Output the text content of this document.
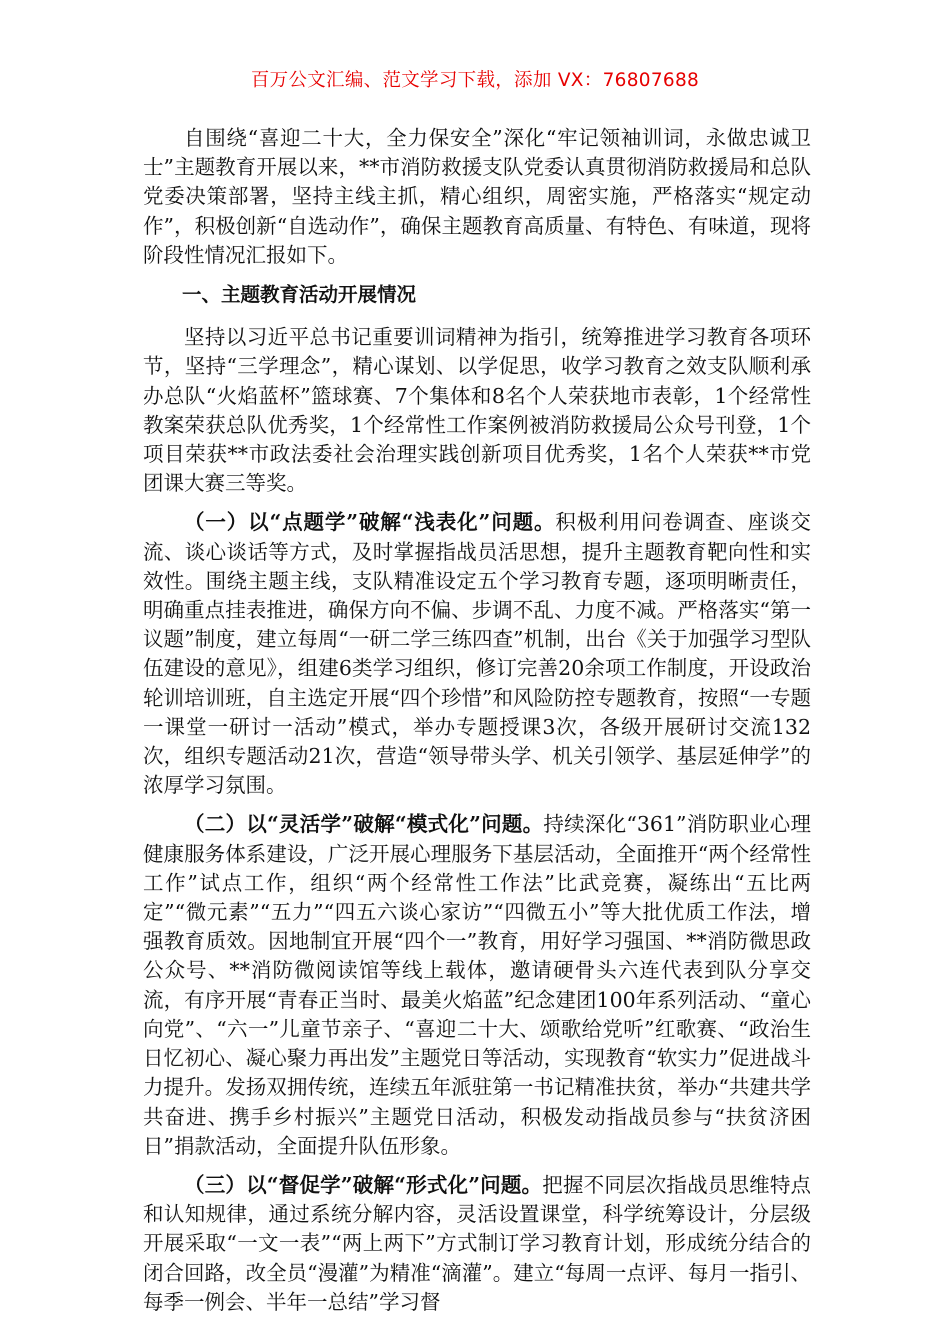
百万公文汇编、范文学习下载，添加 VX：76807688

自围绕“喜迎二十大，全力保安全”深化“牢记领袖训词，永做忠诚卫士”主题教育开展以来，**市消防救援支队党委认真贯彻消防救援局和总队党委决策部署，坚持主线主抓，精心组织，周密实施，严格落实“规定动作”，积极创新“自选动作”，确保主题教育高质量、有特色、有味道，现将阶段性情况汇报如下。

一、主题教育活动开展情况

坚持以习近平总书记重要训词精神为指引，统筹推进学习教育各项环节，坚持“三学理念”，精心谋划、以学促思，收学习教育之效支队顺利承办总队“火焰蓝杯”篮球赛、7个集体和8名个人荣获地市表彰，1个经常性教案荣获总队优秀奖，1个经常性工作案例被消防救援局公众号刊登，1个项目荣获**市政法委社会治理实践创新项目优秀奖，1名个人荣获**市党团课大赛三等奖。

（一）以“点题学”破解“浅表化”问题。积极利用问卷调查、座谈交流、谈心谈话等方式，及时掌握指战员活思想，提升主题教育靶向性和实效性。围绕主题主线，支队精准设定五个学习教育专题，逐项明晰责任，明确重点挂表推进，确保方向不偏、步调不乱、力度不减。严格落实“第一议题”制度，建立每周“一研二学三练四查”机制，出台《关于加强学习型队伍建设的意见》，组建6类学习组织，修订完善20余项工作制度，开设政治轮训培训班，自主选定开展“四个珍惜”和风险防控专题教育，按照“一专题一课堂一研讨一活动”模式，举办专题授课3次，各级开展研讨交流132次，组织专题活动21次，营造“领导带头学、机关引领学、基层延伸学”的浓厚学习氛围。

（二）以“灵活学”破解“模式化”问题。持续深化“361”消防职业心理健康服务体系建设，广泛开展心理服务下基层活动，全面推开“两个经常性工作”试点工作，组织“两个经常性工作法”比武竞赛，凝练出“五比两定”“微元素”“五力”“四五六谈心家访”“四微五小”等大批优质工作法，增强教育质效。因地制宜开展“四个一”教育，用好学习强国、**消防微思政公众号、**消防微阅读馆等线上载体，邀请硬骨头六连代表到队分享交流，有序开展“青春正当时、最美火焰蓝”纪念建团100年系列活动、“童心向党”、“六一”儿童节亲子、“喜迎二十大、颂歌给党听”红歌赛、“政治生日忆初心、凝心聚力再出发”主题党日等活动，实现教育“软实力”促进战斗力提升。发扬双拥传统，连续五年派驻第一书记精准扶贫，举办“共建共学共奋进、携手乡村振兴”主题党日活动，积极发动指战员参与“扶贫济困日”捐款活动，全面提升队伍形象。

（三）以“督促学”破解“形式化”问题。把握不同层次指战员思维特点和认知规律，通过系统分解内容，灵活设置课堂，科学统筹设计，分层级开展采取“一文一表”“两上两下”方式制订学习教育计划，形成统分结合的闭合回路，改全员“漫灌”为精准“滴灌”。建立“每周一点评、每月一指引、每季一例会、半年一总结”学习督
